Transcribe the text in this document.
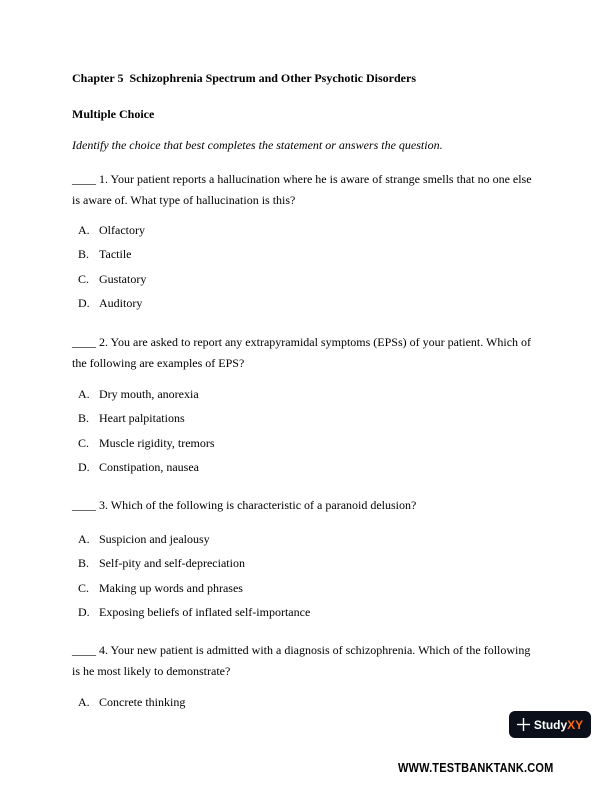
Chapter 5  Schizophrenia Spectrum and Other Psychotic Disorders

Multiple Choice

Identify the choice that best completes the statement or answers the question.

____ 1. Your patient reports a hallucination where he is aware of strange smells that no one else is aware of. What type of hallucination is this?

A. Olfactory
B. Tactile
C. Gustatory
D. Auditory

____ 2. You are asked to report any extrapyramidal symptoms (EPSs) of your patient. Which of the following are examples of EPS?

A. Dry mouth, anorexia
B. Heart palpitations
C. Muscle rigidity, tremors
D. Constipation, nausea

____ 3. Which of the following is characteristic of a paranoid delusion?

A. Suspicion and jealousy
B. Self-pity and self-depreciation
C. Making up words and phrases
D. Exposing beliefs of inflated self-importance

____ 4. Your new patient is admitted with a diagnosis of schizophrenia. Which of the following is he most likely to demonstrate?

A. Concrete thinking
StudyXY

WWW.TESTBANKTANK.COM
